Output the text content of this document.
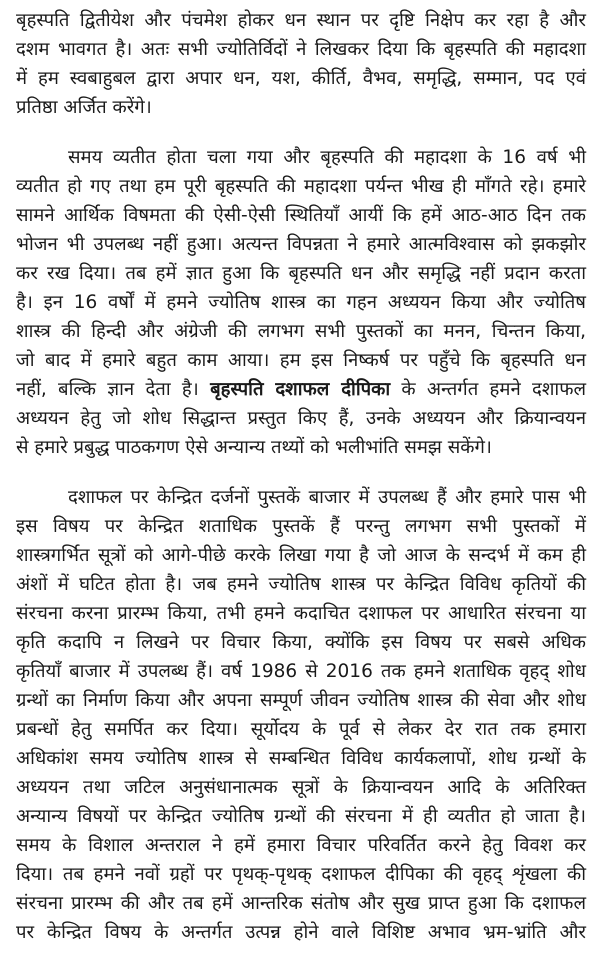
बृहस्पति द्वितीयेश और पंचमेश होकर धन स्थान पर दृष्टि निक्षेप कर रहा है और
दशम भावगत है। अतः सभी ज्योतिर्विदों ने लिखकर दिया कि बृहस्पति की महादशा
में हम स्वबाहुबल द्वारा अपार धन, यश, कीर्ति, वैभव, समृद्धि, सम्मान, पद एवं
प्रतिष्ठा अर्जित करेंगे।
समय व्यतीत होता चला गया और बृहस्पति की महादशा के 16 वर्ष भी
व्यतीत हो गए तथा हम पूरी बृहस्पति की महादशा पर्यन्त भीख ही माँगते रहे। हमारे
सामने आर्थिक विषमता की ऐसी-ऐसी स्थितियाँ आयीं कि हमें आठ-आठ दिन तक
भोजन भी उपलब्ध नहीं हुआ। अत्यन्त विपन्नता ने हमारे आत्मविश्वास को झकझोर
कर रख दिया। तब हमें ज्ञात हुआ कि बृहस्पति धन और समृद्धि नहीं प्रदान करता
है। इन 16 वर्षों में हमने ज्योतिष शास्त्र का गहन अध्ययन किया और ज्योतिष
शास्त्र की हिन्दी और अंग्रेजी की लगभग सभी पुस्तकों का मनन, चिन्तन किया,
जो बाद में हमारे बहुत काम आया। हम इस निष्कर्ष पर पहुँचे कि बृहस्पति धन
नहीं, बल्कि ज्ञान देता है। बृहस्पति दशाफल दीपिका के अन्तर्गत हमने दशाफल
अध्ययन हेतु जो शोध सिद्धान्त प्रस्तुत किए हैं, उनके अध्ययन और क्रियान्वयन
से हमारे प्रबुद्ध पाठकगण ऐसे अन्यान्य तथ्यों को भलीभांति समझ सकेंगे।
दशाफल पर केन्द्रित दर्जनों पुस्तकें बाजार में उपलब्ध हैं और हमारे पास भी
इस विषय पर केन्द्रित शताधिक पुस्तकें हैं परन्तु लगभग सभी पुस्तकों में
शास्त्रगर्भित सूत्रों को आगे-पीछे करके लिखा गया है जो आज के सन्दर्भ में कम ही
अंशों में घटित होता है। जब हमने ज्योतिष शास्त्र पर केन्द्रित विविध कृतियों की
संरचना करना प्रारम्भ किया, तभी हमने कदाचित दशाफल पर आधारित संरचना या
कृति कदापि न लिखने पर विचार किया, क्योंकि इस विषय पर सबसे अधिक
कृतियाँ बाजार में उपलब्ध हैं। वर्ष 1986 से 2016 तक हमने शताधिक वृहद् शोध
ग्रन्थों का निर्माण किया और अपना सम्पूर्ण जीवन ज्योतिष शास्त्र की सेवा और शोध
प्रबन्धों हेतु समर्पित कर दिया। सूर्योदय के पूर्व से लेकर देर रात तक हमारा
अधिकांश समय ज्योतिष शास्त्र से सम्बन्धित विविध कार्यकलापों, शोध ग्रन्थों के
अध्ययन तथा जटिल अनुसंधानात्मक सूत्रों के क्रियान्वयन आदि के अतिरिक्त
अन्यान्य विषयों पर केन्द्रित ज्योतिष ग्रन्थों की संरचना में ही व्यतीत हो जाता है।
समय के विशाल अन्तराल ने हमें हमारा विचार परिवर्तित करने हेतु विवश कर
दिया। तब हमने नवों ग्रहों पर पृथक्-पृथक् दशाफल दीपिका की वृहद् शृंखला की
संरचना प्रारम्भ की और तब हमें आन्तरिक संतोष और सुख प्राप्त हुआ कि दशाफल
पर केन्द्रित विषय के अन्तर्गत उत्पन्न होने वाले विशिष्ट अभाव भ्रम-भ्रांति और
